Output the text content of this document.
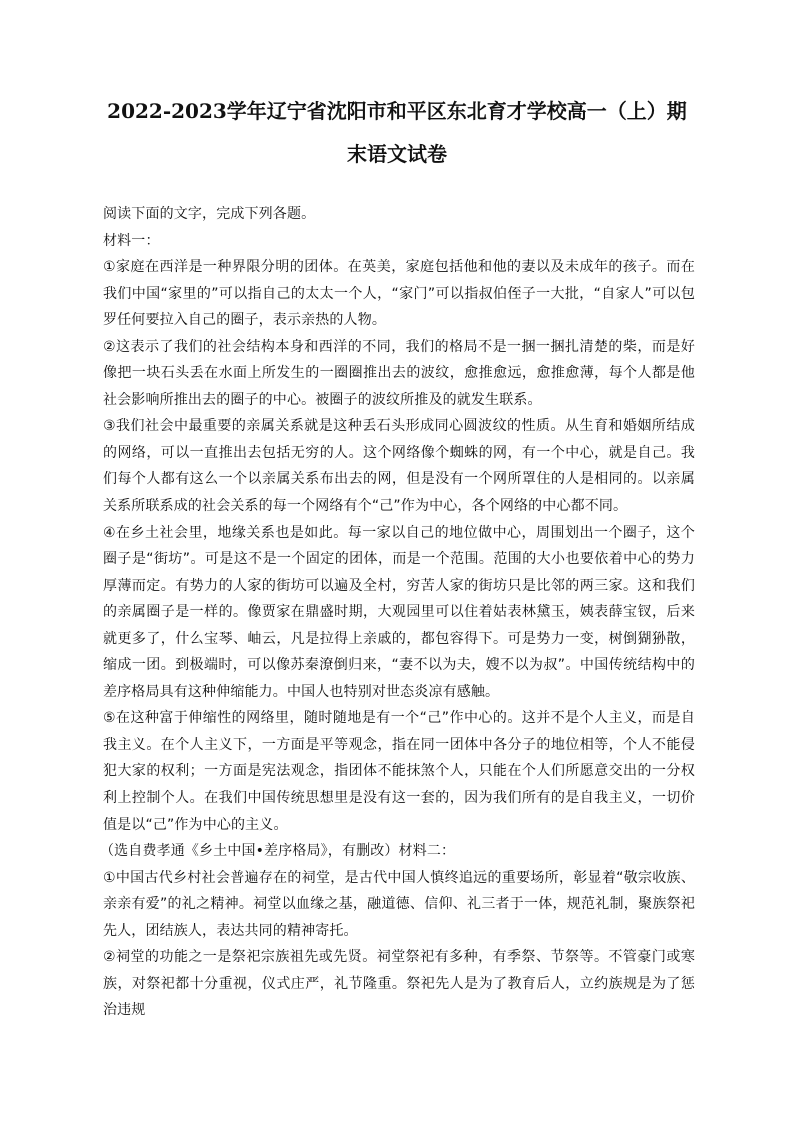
2022-2023学年辽宁省沈阳市和平区东北育才学校高一（上）期
末语文试卷

阅读下面的文字，完成下列各题。

材料一：

①家庭在西洋是一种界限分明的团体。在英美，家庭包括他和他的妻以及未成年的孩子。而在我们中国“家里的”可以指自己的太太一个人，“家门”可以指叔伯侄子一大批，“自家人”可以包罗任何要拉入自己的圈子，表示亲热的人物。

②这表示了我们的社会结构本身和西洋的不同，我们的格局不是一捆一捆扎清楚的柴，而是好像把一块石头丢在水面上所发生的一圈圈推出去的波纹，愈推愈远，愈推愈薄，每个人都是他社会影响所推出去的圈子的中心。被圈子的波纹所推及的就发生联系。

③我们社会中最重要的亲属关系就是这种丢石头形成同心圆波纹的性质。从生育和婚姻所结成的网络，可以一直推出去包括无穷的人。这个网络像个蜘蛛的网，有一个中心，就是自己。我们每个人都有这么一个以亲属关系布出去的网，但是没有一个网所罩住的人是相同的。以亲属关系所联系成的社会关系的每一个网络有个“己”作为中心，各个网络的中心都不同。

④在乡土社会里，地缘关系也是如此。每一家以自己的地位做中心，周围划出一个圈子，这个圈子是“街坊”。可是这不是一个固定的团体，而是一个范围。范围的大小也要依着中心的势力厚薄而定。有势力的人家的街坊可以遍及全村，穷苦人家的街坊只是比邻的两三家。这和我们的亲属圈子是一样的。像贾家在鼎盛时期，大观园里可以住着姑表林黛玉，姨表薛宝钗，后来就更多了，什么宝琴、岫云，凡是拉得上亲戚的，都包容得下。可是势力一变，树倒猢狲散，缩成一团。到极端时，可以像苏秦潦倒归来，“妻不以为夫，嫂不以为叔”。中国传统结构中的差序格局具有这种伸缩能力。中国人也特别对世态炎凉有感触。

⑤在这种富于伸缩性的网络里，随时随地是有一个“己”作中心的。这并不是个人主义，而是自我主义。在个人主义下，一方面是平等观念，指在同一团体中各分子的地位相等，个人不能侵犯大家的权利；一方面是宪法观念，指团体不能抹煞个人，只能在个人们所愿意交出的一分权利上控制个人。在我们中国传统思想里是没有这一套的，因为我们所有的是自我主义，一切价值是以“己”作为中心的主义。

（选自费孝通《乡土中国•差序格局》，有删改）材料二：

①中国古代乡村社会普遍存在的祠堂，是古代中国人慎终追远的重要场所，彰显着“敬宗收族、亲亲有爱”的礼之精神。祠堂以血缘之基，融道德、信仰、礼三者于一体，规范礼制，聚族祭祀先人，团结族人，表达共同的精神寄托。

②祠堂的功能之一是祭祀宗族祖先或先贤。祠堂祭祀有多种，有季祭、节祭等。不管豪门或寒族，对祭祀都十分重视，仪式庄严，礼节隆重。祭祀先人是为了教育后人，立约族规是为了惩治违规
